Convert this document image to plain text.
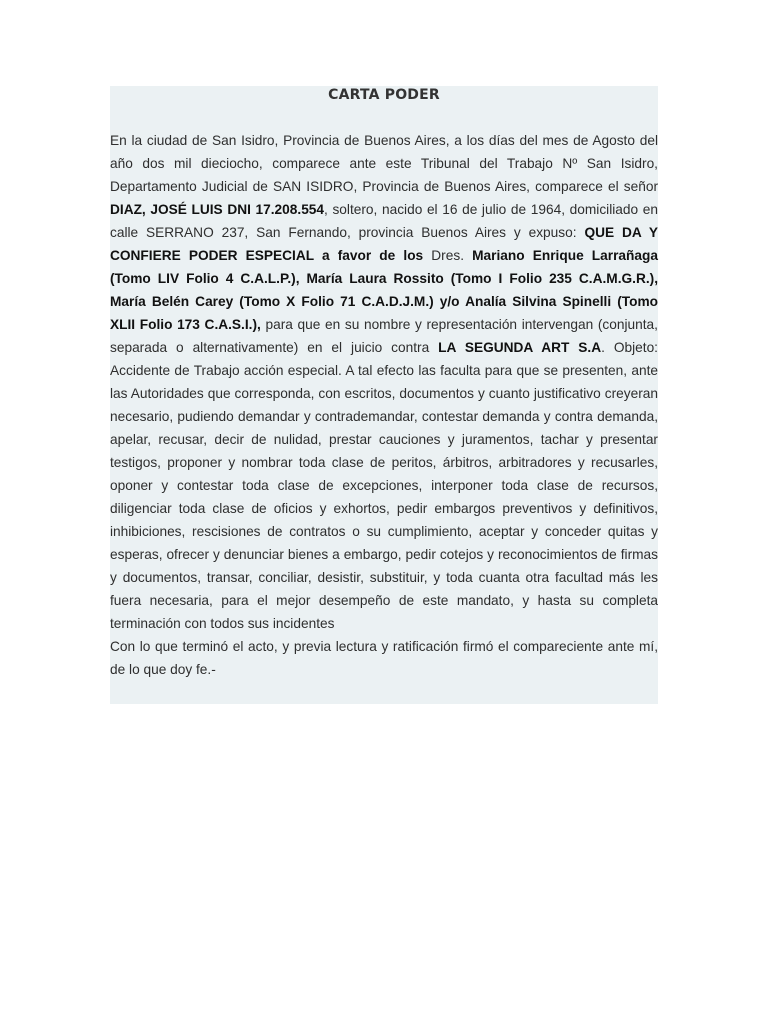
CARTA PODER

En la ciudad de San Isidro, Provincia de Buenos Aires, a los días del mes de Agosto del año dos mil dieciocho, comparece ante este Tribunal del Trabajo Nº San Isidro, Departamento Judicial de SAN ISIDRO, Provincia de Buenos Aires, comparece el señor DIAZ, JOSÉ LUIS DNI 17.208.554, soltero, nacido el 16 de julio de 1964, domiciliado en calle SERRANO 237, San Fernando, provincia Buenos Aires y expuso: QUE DA Y CONFIERE PODER ESPECIAL a favor de los Dres. Mariano Enrique Larrañaga (Tomo LIV Folio 4 C.A.L.P.), María Laura Rossito (Tomo I Folio 235 C.A.M.G.R.), María Belén Carey (Tomo X Folio 71 C.A.D.J.M.) y/o Analía Silvina Spinelli (Tomo XLII Folio 173 C.A.S.I.), para que en su nombre y representación intervengan (conjunta, separada o alternativamente) en el juicio contra LA SEGUNDA ART S.A. Objeto: Accidente de Trabajo acción especial. A tal efecto las faculta para que se presenten, ante las Autoridades que corresponda, con escritos, documentos y cuanto justificativo creyeran necesario, pudiendo demandar y contrademandar, contestar demanda y contra demanda, apelar, recusar, decir de nulidad, prestar cauciones y juramentos, tachar y presentar testigos, proponer y nombrar toda clase de peritos, árbitros, arbitradores y recusarles, oponer y contestar toda clase de excepciones, interponer toda clase de recursos, diligenciar toda clase de oficios y exhortos, pedir embargos preventivos y definitivos, inhibiciones, rescisiones de contratos o su cumplimiento, aceptar y conceder quitas y esperas, ofrecer y denunciar bienes a embargo, pedir cotejos y reconocimientos de firmas y documentos, transar, conciliar, desistir, substituir, y toda cuanta otra facultad más les fuera necesaria, para el mejor desempeño de este mandato, y hasta su completa terminación con todos sus incidentes

Con lo que terminó el acto, y previa lectura y ratificación firmó el compareciente ante mí, de lo que doy fe.-
